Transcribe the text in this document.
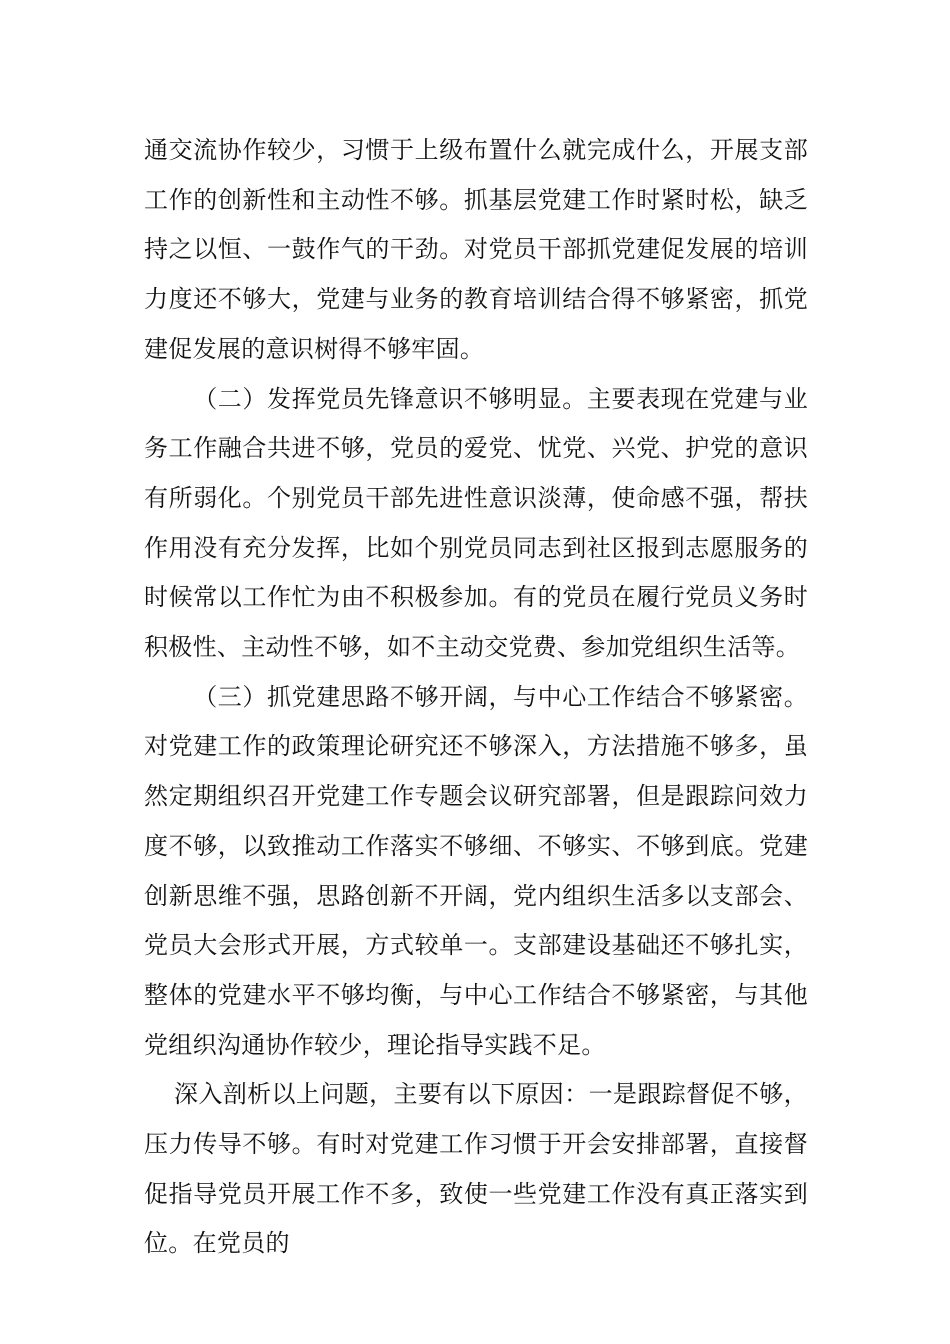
通交流协作较少，习惯于上级布置什么就完成什么，开展支部工作的创新性和主动性不够。抓基层党建工作时紧时松，缺乏持之以恒、一鼓作气的干劲。对党员干部抓党建促发展的培训力度还不够大，党建与业务的教育培训结合得不够紧密，抓党建促发展的意识树得不够牢固。

（二）发挥党员先锋意识不够明显。主要表现在党建与业务工作融合共进不够，党员的爱党、忧党、兴党、护党的意识有所弱化。个别党员干部先进性意识淡薄，使命感不强，帮扶作用没有充分发挥，比如个别党员同志到社区报到志愿服务的时候常以工作忙为由不积极参加。有的党员在履行党员义务时积极性、主动性不够，如不主动交党费、参加党组织生活等。

（三）抓党建思路不够开阔，与中心工作结合不够紧密。对党建工作的政策理论研究还不够深入，方法措施不够多，虽然定期组织召开党建工作专题会议研究部署，但是跟踪问效力度不够，以致推动工作落实不够细、不够实、不够到底。党建创新思维不强，思路创新不开阔，党内组织生活多以支部会、党员大会形式开展，方式较单一。支部建设基础还不够扎实，整体的党建水平不够均衡，与中心工作结合不够紧密，与其他党组织沟通协作较少，理论指导实践不足。

深入剖析以上问题，主要有以下原因：一是跟踪督促不够，压力传导不够。有时对党建工作习惯于开会安排部署，直接督促指导党员开展工作不多，致使一些党建工作没有真正落实到位。在党员的
